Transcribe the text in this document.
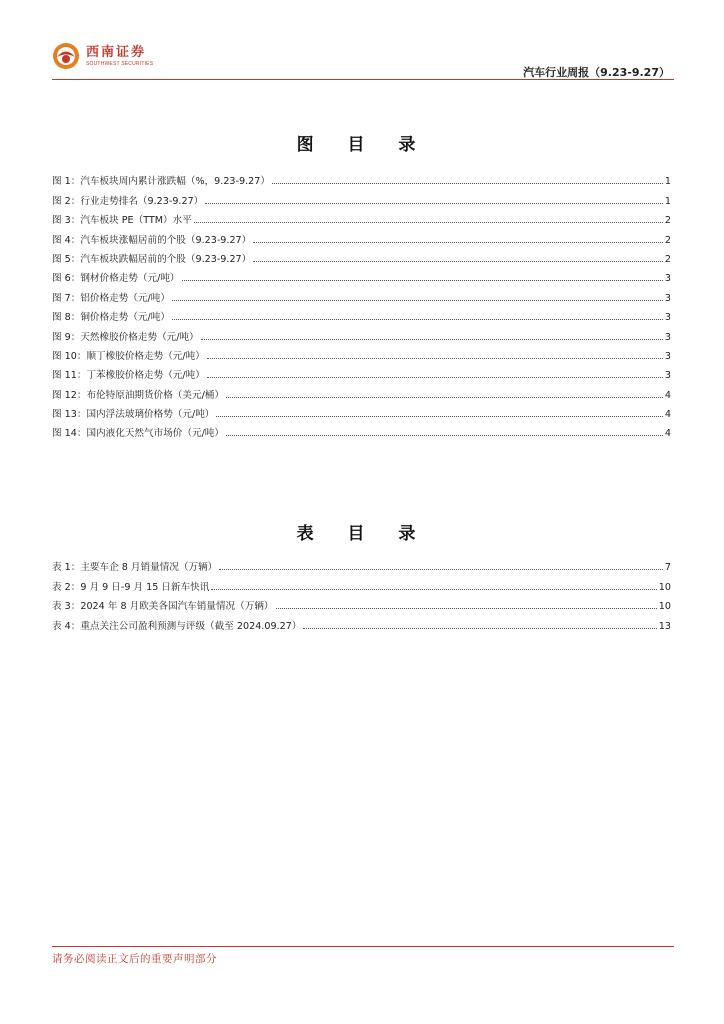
西南证券
SOUTHWEST SECURITIES
汽车行业周报（9.23-9.27）
图 目 录
图 1：汽车板块周内累计涨跌幅（%，9.23-9.27）	1
图 2：行业走势排名（9.23-9.27）	1
图 3：汽车板块 PE（TTM）水平	2
图 4：汽车板块涨幅居前的个股（9.23-9.27）	2
图 5：汽车板块跌幅居前的个股（9.23-9.27）	2
图 6：钢材价格走势（元/吨）	3
图 7：铝价格走势（元/吨）	3
图 8：铜价格走势（元/吨）	3
图 9：天然橡胶价格走势（元/吨）	3
图 10：顺丁橡胶价格走势（元/吨）	3
图 11：丁苯橡胶价格走势（元/吨）	3
图 12：布伦特原油期货价格（美元/桶）	4
图 13：国内浮法玻璃价格势（元/吨）	4
图 14：国内液化天然气市场价（元/吨）	4
表 目 录
表 1：主要车企 8 月销量情况（万辆）	7
表 2：9 月 9 日-9 月 15 日新车快讯	10
表 3：2024 年 8 月欧美各国汽车销量情况（万辆）	10
表 4：重点关注公司盈利预测与评级（截至 2024.09.27）	13
请务必阅读正文后的重要声明部分
